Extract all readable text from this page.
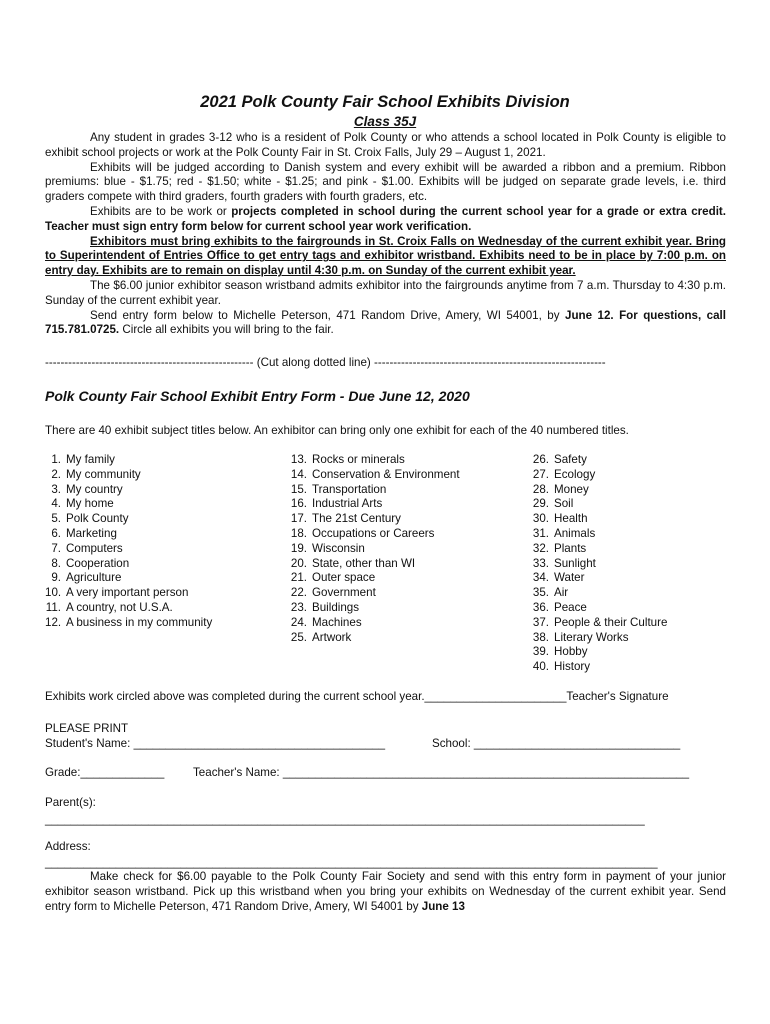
2021 Polk County Fair School Exhibits Division
Class 35J

Any student in grades 3-12 who is a resident of Polk County or who attends a school located in Polk County is eligible to exhibit school projects or work at the Polk County Fair in St. Croix Falls, July 29 – August 1, 2021.

Exhibits will be judged according to Danish system and every exhibit will be awarded a ribbon and a premium. Ribbon premiums: blue - $1.75; red - $1.50; white - $1.25; and pink - $1.00. Exhibits will be judged on separate grade levels, i.e. third graders compete with third graders, fourth graders with fourth graders, etc.

Exhibits are to be work or projects completed in school during the current school year for a grade or extra credit. Teacher must sign entry form below for current school year work verification.

Exhibitors must bring exhibits to the fairgrounds in St. Croix Falls on Wednesday of the current exhibit year. Bring to Superintendent of Entries Office to get entry tags and exhibitor wristband. Exhibits need to be in place by 7:00 p.m. on entry day. Exhibits are to remain on display until 4:30 p.m. on Sunday of the current exhibit year.

The $6.00 junior exhibitor season wristband admits exhibitor into the fairgrounds anytime from 7 a.m. Thursday to 4:30 p.m. Sunday of the current exhibit year.

Send entry form below to Michelle Peterson, 471 Random Drive, Amery, WI 54001, by June 12. For questions, call 715.781.0725. Circle all exhibits you will bring to the fair.

------------------------------------------------------ (Cut along dotted line) ------------------------------------------------------------
Polk County Fair School Exhibit Entry Form - Due June 12, 2020
There are 40 exhibit subject titles below. An exhibitor can bring only one exhibit for each of the 40 numbered titles.
1. My family
2. My community
3. My country
4. My home
5. Polk County
6. Marketing
7. Computers
8. Cooperation
9. Agriculture
10. A very important person
11. A country, not U.S.A.
12. A business in my community
13. Rocks or minerals
14. Conservation & Environment
15. Transportation
16. Industrial Arts
17. The 21st Century
18. Occupations or Careers
19. Wisconsin
20. State, other than WI
21. Outer space
22. Government
23. Buildings
24. Machines
25. Artwork
26. Safety
27. Ecology
28. Money
29. Soil
30. Health
31. Animals
32. Plants
33. Sunlight
34. Water
35. Air
36. Peace
37. People & their Culture
38. Literary Works
39. Hobby
40. History
Exhibits work circled above was completed during the current school year.______________________Teacher's Signature
PLEASE PRINT
Student's Name: _______________________________________	School: ________________________________
Grade:_____________ Teacher's Name: _______________________________________________________________
Parent(s):
_____________________________________________________________________________________________
Address:
_______________________________________________________________________________________________

Make check for $6.00 payable to the Polk County Fair Society and send with this entry form in payment of your junior exhibitor season wristband. Pick up this wristband when you bring your exhibits on Wednesday of the current exhibit year. Send entry form to Michelle Peterson, 471 Random Drive, Amery, WI 54001 by June 13
